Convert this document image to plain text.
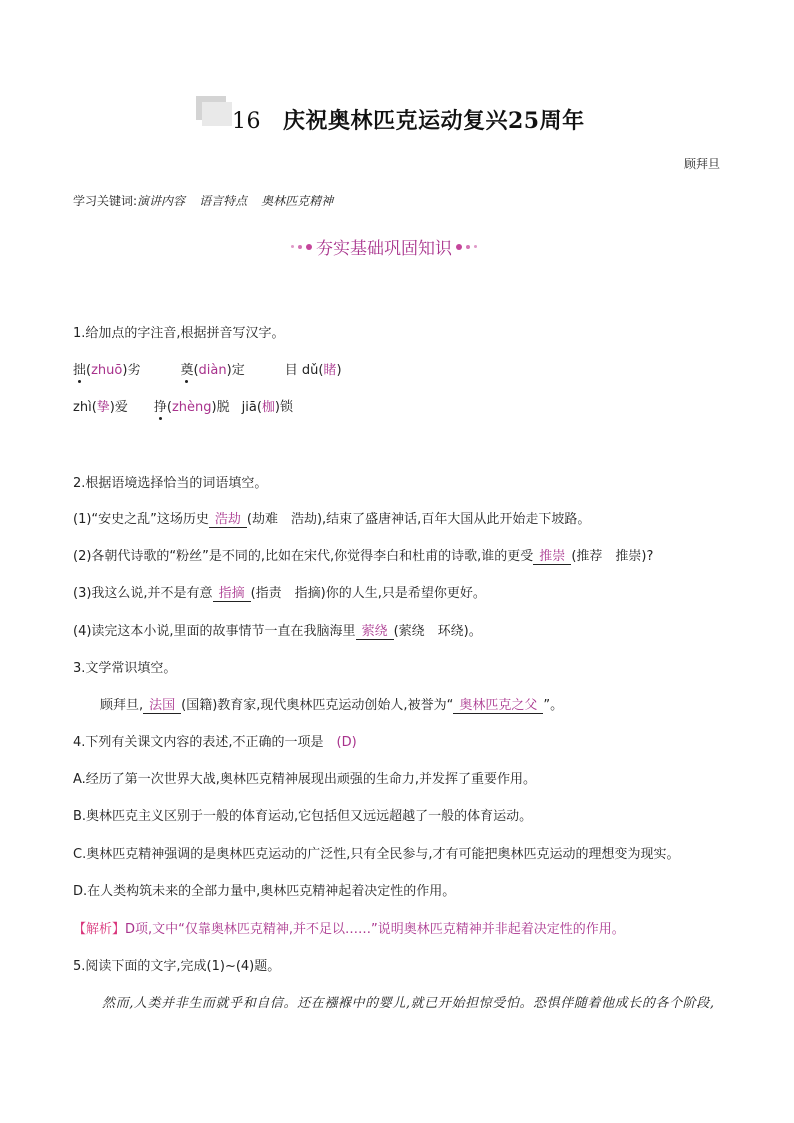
16 庆祝奥林匹克运动复兴25周年
顾拜旦
学习关键词:演讲内容 语言特点 奥林匹克精神
夯实基础巩固知识
1.给加点的字注音,根据拼音写汉字。
拙(zhuō)劣	奠(diàn)定	目 dǔ(睹)
zhì(挚)爱 挣(zhèng)脱 jiā(枷)锁
2.根据语境选择恰当的词语填空。
(1)“安史之乱”这场历史 浩劫 (劫难　浩劫),结束了盛唐神话,百年大国从此开始走下坡路。
(2)各朝代诗歌的“粉丝”是不同的,比如在宋代,你觉得李白和杜甫的诗歌,谁的更受 推崇 (推荐　推崇)?
(3)我这么说,并不是有意 指摘 (指责　指摘)你的人生,只是希望你更好。
(4)读完这本小说,里面的故事情节一直在我脑海里 萦绕 (萦绕　环绕)。
3.文学常识填空。
顾拜旦, 法国 (国籍)教育家,现代奥林匹克运动创始人,被誉为“ 奥林匹克之父 ”。
4.下列有关课文内容的表述,不正确的一项是　(D)
A.经历了第一次世界大战,奥林匹克精神展现出顽强的生命力,并发挥了重要作用。
B.奥林匹克主义区别于一般的体育运动,它包括但又远远超越了一般的体育运动。
C.奥林匹克精神强调的是奥林匹克运动的广泛性,只有全民参与,才有可能把奥林匹克运动的理想变为现实。
D.在人类构筑未来的全部力量中,奥林匹克精神起着决定性的作用。
【解析】D项,文中“仅靠奥林匹克精神,并不足以……”说明奥林匹克精神并非起着决定性的作用。
5.阅读下面的文字,完成(1)~(4)题。
然而,人类并非生而就乎和自信。还在襁褓中的婴儿,就已开始担惊受怕。恐惧伴随着他成长的各个阶段,
